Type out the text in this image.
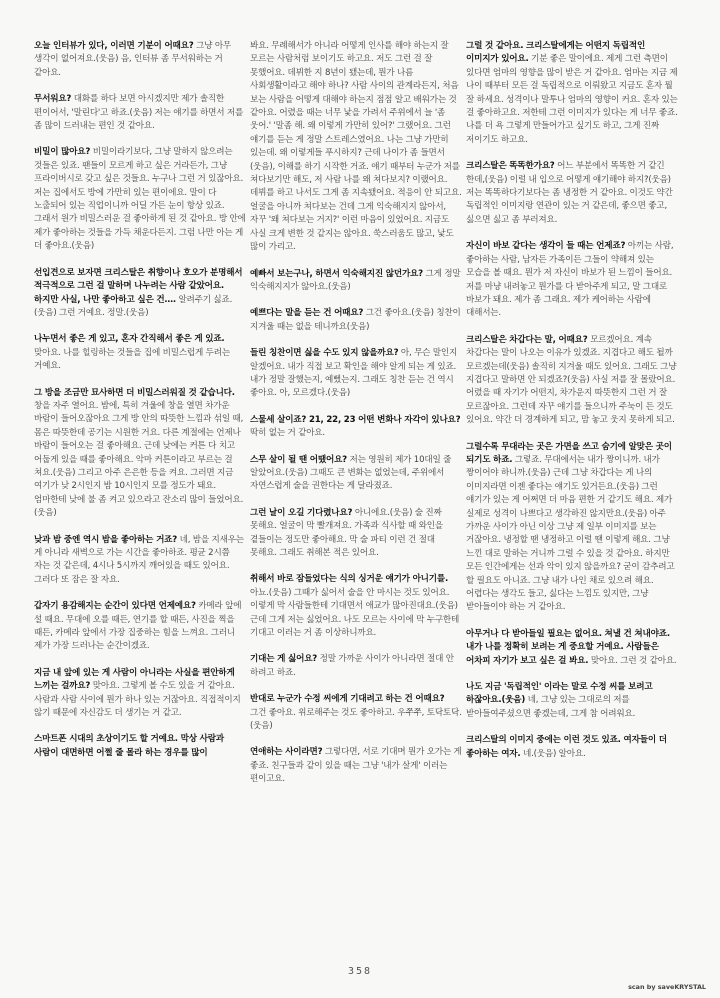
오늘 인터뷰가 있다, 이러면 기분이 어때요? 그냥 아무 생각이 없어져요.(웃음) 음, 인터뷰 좀 무서워하는 거 같아요.

무서워요? 대화를 하다 보면 아시겠지만 제가 솔직한 편이어서, '말린다'고 하죠.(웃음) 저는 얘기를 하면서 저를 좀 많이 드러내는 편인 것 같아요.

비밀이 많아요? 비밀이라기보다, 그냥 말하지 않으려는 것들은 있죠. 팬들이 모르게 하고 싶은 거라든가, 그냥 프라이버시로 갖고 싶은 것들요. 누구나 그런 거 있잖아요. 저는 집에서도 방에 가만히 있는 편이에요. 말이 다 노출되어 있는 직업이니까 어딜 가든 눈이 항상 있죠. 그래서 원가 비밀스러운 걸 좋아하게 된 것 같아요. 방 안에 제가 좋아하는 것들을 가득 채운다든지. 그럼 나만 아는 게 더 좋아요.(웃음)

선입견으로 보자면 크리스탈은 취향이나 호오가 분명해서 적극적으로 그런 걸 말하며 나누려는 사람 같았어요. 하지만 사실, 나만 좋아하고 싶은 건…. 알려주기 싫죠.(웃음) 그런 거예요. 정말.(웃음)

나누면서 좋은 게 있고, 혼자 간직해서 좋은 게 있죠. 맞아요. 나를 힐링하는 것들을 집에 비밀스럽게 두려는 거예요.

그 방을 조금만 묘사하면 더 비밀스러워질 것 같습니다. 창을 자주 열어요. 밤에, 특히 겨울에 창을 열면 차가운 바람이 들어오잖아요 그게 방 안의 따뜻한 느낌과 섞일 때, 몸은 따뜻한데 공기는 시원한 거요. 다른 계절에는 언제나 바람이 들어오는 걸 좋아해요. 근데 낮에는 커튼 다 치고 어둡게 있을 때를 좋아해요. 악마 커튼이라고 부르는 걸 쳐요.(웃음) 그리고 아주 은은한 등을 켜요. 그러면 지금 여기가 낮 2시인지 밤 10시인지 모를 정도가 돼요. 엄마한테 낮에 불 좀 켜고 있으라고 잔소리 많이 들었어요.(웃음)

낮과 밤 중엔 역시 밤을 좋아하는 거죠? 네, 밤을 지새우는 게 아니라 새벽으로 가는 시간을 좋아하죠. 평균 2시쯤 자는 것 같은데, 4시나 5시까지 깨어있을 때도 있어요. 그러다 또 잠은 잘 자요.

갑자기 용감해지는 순간이 있다면 언제예요? 카메라 앞에 설 때요. 무대에 오를 때든, 연기를 할 때든, 사진을 찍을 때든, 카메라 앞에서 가장 집중하는 힘을 느껴요. 그러니 제가 가장 드러나는 순간이겠죠.

지금 내 앞에 있는 게 사람이 아니라는 사실을 편안하게 느끼는 걸까요? 맞아요. 그렇게 볼 수도 있을 거 같아요. 사람과 사람 사이에 뭔가 하나 있는 거잖아요. 직접적이지 않기 때문에 자신감도 더 생기는 거 같고.

스마트폰 시대의 초상이기도 할 거예요. 막상 사람과 사람이 대면하면 어쩔 줄 몰라 하는 경우를 많이

봐요. 무례해서가 아니라 어떻게 인사를 해야 하는지 잘 모르는 사람처럼 보이기도 하고요. 저도 그런 걸 잘 못했어요. 데뷔한 지 8년이 됐는데, 뭔가 나름 사회생활이라고 해야 하나? 사람 사이의 관계라든지, 처음 보는 사람을 어떻게 대해야 하는지 점점 알고 배워가는 것 같아요. 어렸을 때는 너무 낯을 가려서 주위에서 늘 '좀 웃어.' '말좀 해. 왜 이렇게 가만히 있어?' 그랬어요. 그런 얘기를 듣는 게 정말 스트레스였어요. 나는 그냥 가만히 있는데. 왜 이렇게들 푸시하지? 근데 나이가 좀 들면서(웃음), 이해를 하기 시작한 거죠. 얘기 때부터 누군가 저를 쳐다보기만 해도, 저 사람 나를 왜 쳐다보지? 이랬어요. 데뷔를 하고 나서도 그게 좀 지속됐어요. 적응이 안 되고요. 얼굴을 아니까 쳐다보는 건데 그게 익숙해지지 않아서, 자꾸 '왜 쳐다보는 거지?' 이런 마음이 있었어요. 지금도 사실 크게 변한 것 같지는 않아요. 쑥스러움도 많고, 낯도 많이 가리고.

예빠서 보는구나, 하면서 익숙해지진 않던가요? 그게 정말 익숙해지지가 않아요.(웃음)

예쁘다는 말을 듣는 건 어때요? 그건 좋아요.(웃음) 칭찬이 지겨울 때는 없을 테니까요(웃음)

들린 칭찬이면 싫을 수도 있지 않을까요? 아, 무슨 말인지 알겠어요. 내가 직접 보고 확인을 해야 알게 되는 게 있죠. 내가 정말 잘했는지, 예뻤는지. 그래도 칭찬 듣는 건 역시 좋아요. 아, 모르겠다.(웃음)

스물세 살이죠? 21, 22, 23 어떤 변화나 자각이 있나요? 딱히 없는 거 같아요.

스무 살이 될 땐 어땠어요? 저는 영원히 제가 10대일 줄 알았어요.(웃음) 그때도 큰 변화는 없었는데, 주위에서 자연스럽게 술을 권한다는 게 달라졌죠.

그런 날이 오길 기다렸나요? 아니에요.(웃음) 술 진짜 못해요. 얼굴이 막 빨개져요. 가족과 식사할 때 와인을 곁들이는 정도만 좋아해요. 막 술 파티 이런 건 절대 못해요. 그래도 취해본 적은 있어요.

취해서 바로 잠들었다는 식의 싱거운 얘기가 아니기를. 아뇨.(웃음) 그때가 싫어서 술을 안 마시는 것도 있어요. 이렇게 막 사람들한테 기대면서 애교가 많아진대요.(웃음) 근데 그게 저는 싫었어요. 나도 모르는 사이에 막 누구한테 기대고 이러는 거 좀 이상하니까요.

기대는 게 싫어요? 정말 가까운 사이가 아니라면 절대 안 하려고 하죠.

반대로 누군가 수정 씨에게 기대려고 하는 건 어때요? 그건 좋아요. 위로해주는 것도 좋아하고. 우쭈쭈, 토닥토닥.(웃음)

연애하는 사이라면? 그렇다면, 서로 기대며 뭔가 오가는 게 좋죠. 친구들과 같이 있을 때는 그냥 '내가 살게' 이러는 편이고요.

그럴 것 같아요. 크리스탈에게는 어떤지 독립적인 이미지가 있어요. 기분 좋은 말이에요. 제게 그런 측면이 있다면 엄마의 영향을 많이 받은 거 같아요. 엄마는 지금 제 나이 때부터 모든 걸 독립적으로 이뤄왔고 지금도 혼자 뭘 잘 하세요. 성격이나 말투나 엄마의 영향이 커요. 혼자 있는 걸 좋아하고요. 저한테 그런 이미지가 있다는 게 너무 좋죠. 나를 더 욕 그렇게 만들어가고 싶기도 하고, 그게 진짜 저이기도 하고요.

크리스탈은 똑똑한가요? 어느 부분에서 똑똑한 거 같긴 한데,(웃음) 이럴 내 입으로 어떻게 얘기해야 하지?(웃음) 저는 똑똑하다기보다는 좀 냉정한 거 같아요. 이것도 약간 독립적인 이미지랑 연관이 있는 거 같은데, 좋으면 좋고, 싫으면 싫고 좀 부러져요.

자신이 바보 같다는 생각이 들 때는 언제죠? 아끼는 사람, 좋아하는 사람, 남자든 가족이든 그들이 약해져 있는 모습을 볼 때요. 뭔가 저 자신이 바보가 된 느낌이 들어요. 저를 마냥 내려놓고 뭔가를 다 받아주게 되고, 말 그대로 바보가 돼요. 제가 좀 그래요. 제가 케어하는 사람에 대해서는.

크리스탈은 차갑다는 말, 어때요? 모르겠어요. 계속 차갑다는 말이 나오는 이유가 있겠죠. 지겹다고 해도 될까 모르겠는데(웃음) 솔직히 지겨울 때도 있어요. 그래도 그냥 지겹다고 말하면 안 되겠죠?(웃음) 사실 저를 잘 몰랐어요. 어렸을 때 자기가 어떤지, 차가운지 따뜻한지 그런 거 잘 모르잖아요. 그런데 자꾸 얘기를 들으니까 주눅이 든 것도 있어요. 약간 더 경계하게 되고, 맘 놓고 웃지 못하게 되고.

그럴수록 무대라는 곳은 가면을 쓰고 숨기에 알맞은 곳이 되기도 하죠. 그렇죠. 무대에서는 내가 짱이니까. 내가 짱이어야 하니까.(웃음) 근데 그냥 차갑다는 게 나의 이미지라면 이젠 좋다는 얘기도 있거든요.(웃음) 그런 얘기가 있는 게 어쩌면 더 마음 편한 거 같기도 해요. 제가 실제로 성격이 나쁘다고 생각하진 않지만요.(웃음) 아주 가까운 사이가 아닌 이상 그냥 제 일부 이미지를 보는 거잖아요. 냉정할 땐 냉정하고 이럴 땐 이렇게 해요. 그냥 느낀 대로 말하는 거니까 그럴 수 있을 것 같아요. 하지만 모든 인간에게는 선과 악이 있지 않을까요? 굳이 감추려고 할 필요도 아니죠. 그냥 내가 나인 채로 있으려 해요. 어렵다는 생각도 들고, 싫다는 느낌도 있지만, 그냥 받아들이야 하는 거 같아요.

아무거나 다 받아들일 필요는 없어요. 쳐낼 건 쳐내야죠. 내가 나를 정확히 보려는 게 중요할 거예요. 사람들은 어차피 자기가 보고 싶은 걸 봐요. 맞아요. 그런 것 같아요.

나도 지금 '독립적인' 이라는 말로 수정 씨를 보려고 하잖아요.(웃음) 네, 그냥 있는 그대로의 저를 받아들여주셨으면 좋겠는데, 그게 참 어려워요.

크리스탈의 이미지 중에는 이런 것도 있죠. 여자들이 더 좋아하는 여자. 네.(웃음) 알아요.

358
scan by saveKRYSTAL
